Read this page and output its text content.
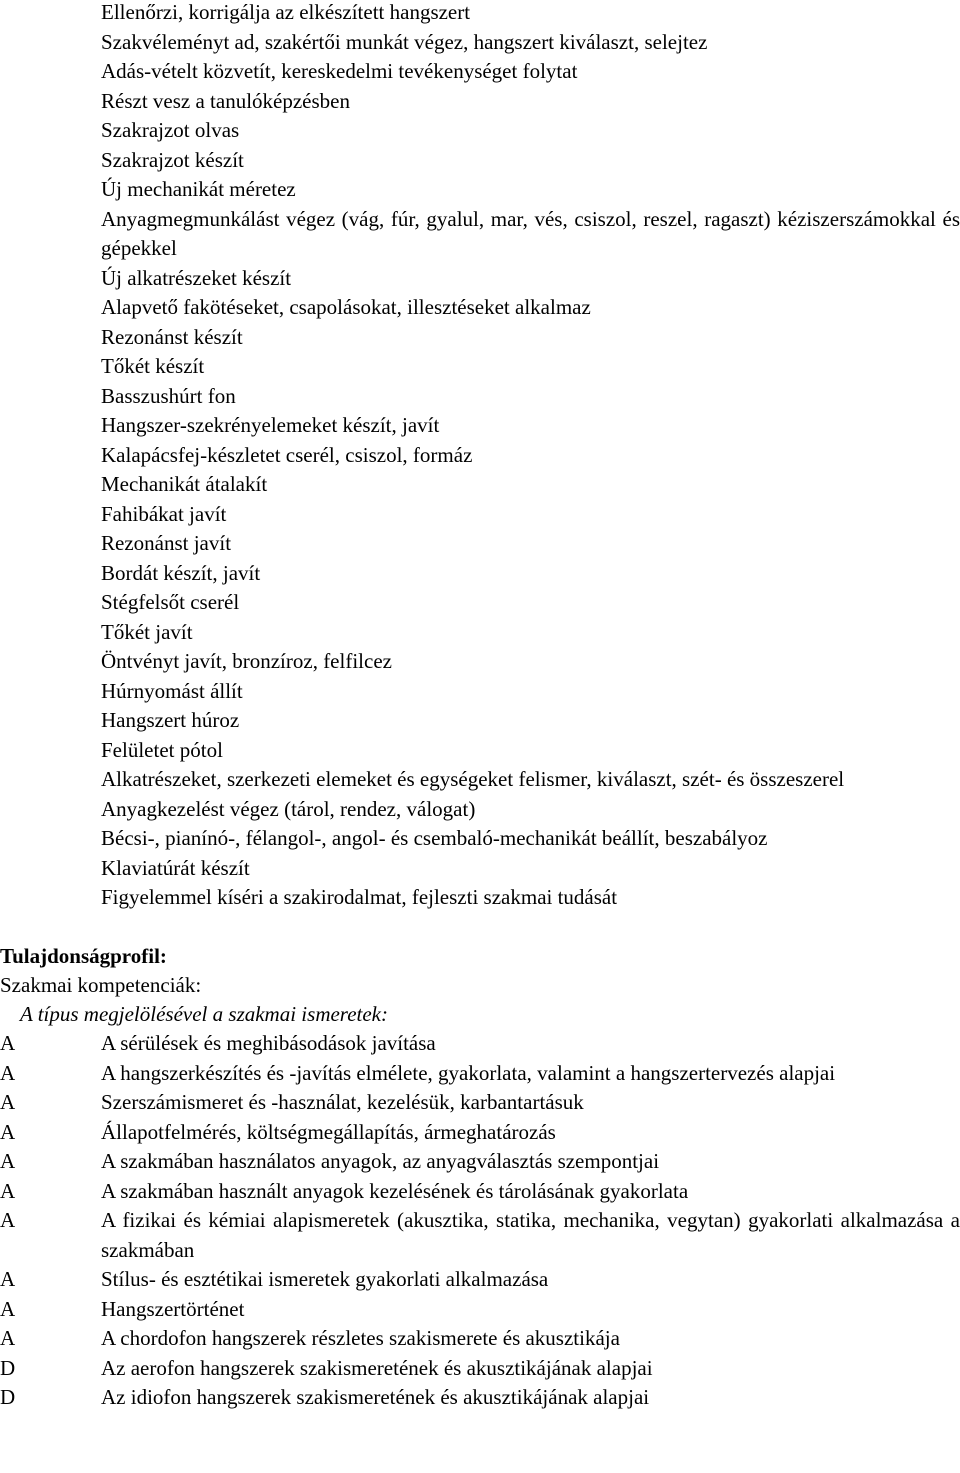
Ellenőrzi, korrigálja az elkészített hangszert
Szakvéleményt ad, szakértői munkát végez, hangszert kiválaszt, selejtez
Adás-vételt közvetít, kereskedelmi tevékenységet folytat
Részt vesz a tanulóképzésben
Szakrajzot olvas
Szakrajzot készít
Új mechanikát méretez
Anyagmegmunkálást végez (vág, fúr, gyalul, mar, vés, csiszol, reszel, ragaszt) kéziszerszámokkal és gépekkel
Új alkatrészeket készít
Alapvető fakötéseket, csapolásokat, illesztéseket alkalmaz
Rezonánst készít
Tőkét készít
Basszushúrt fon
Hangszer-szekrényelemeket készít, javít
Kalapácsfej-készletet cserél, csiszol, formáz
Mechanikát átalakít
Fahibákat javít
Rezonánst javít
Bordát készít, javít
Stégfelsőt cserél
Tőkét javít
Öntvényt javít, bronzíroz, felfilcez
Húrnyomást állít
Hangszert húroz
Felületet pótol
Alkatrészeket, szerkezeti elemeket és egységeket felismer, kiválaszt, szét- és összeszerel
Anyagkezelést végez (tárol, rendez, válogat)
Bécsi-, pianínó-, félangol-, angol- és csembaló-mechanikát beállít, beszabályoz
Klaviatúrát készít
Figyelemmel kíséri a szakirodalmat, fejleszti szakmai tudását
Tulajdonságprofil:
Szakmai kompetenciák:
A típus megjelölésével a szakmai ismeretek:
A	A sérülések és meghibásodások javítása
A	A hangszerkészítés és -javítás elmélete, gyakorlata, valamint a hangszertervezés alapjai
A	Szerszámismeret és -használat, kezelésük, karbantartásuk
A	Állapotfelmérés, költségmegállapítás, ármeghatározás
A	A szakmában használatos anyagok, az anyagválasztás szempontjai
A	A szakmában használt anyagok kezelésének és tárolásának gyakorlata
A	A fizikai és kémiai alapismeretek (akusztika, statika, mechanika, vegytan) gyakorlati alkalmazása a szakmában
A	Stílus- és esztétikai ismeretek gyakorlati alkalmazása
A	Hangszertörténet
A	A chordofon hangszerek részletes szakismerete és akusztikája
D	Az aerofon hangszerek szakismeretének és akusztikájának alapjai
D	Az idiofon hangszerek szakismeretének és akusztikájának alapjai
